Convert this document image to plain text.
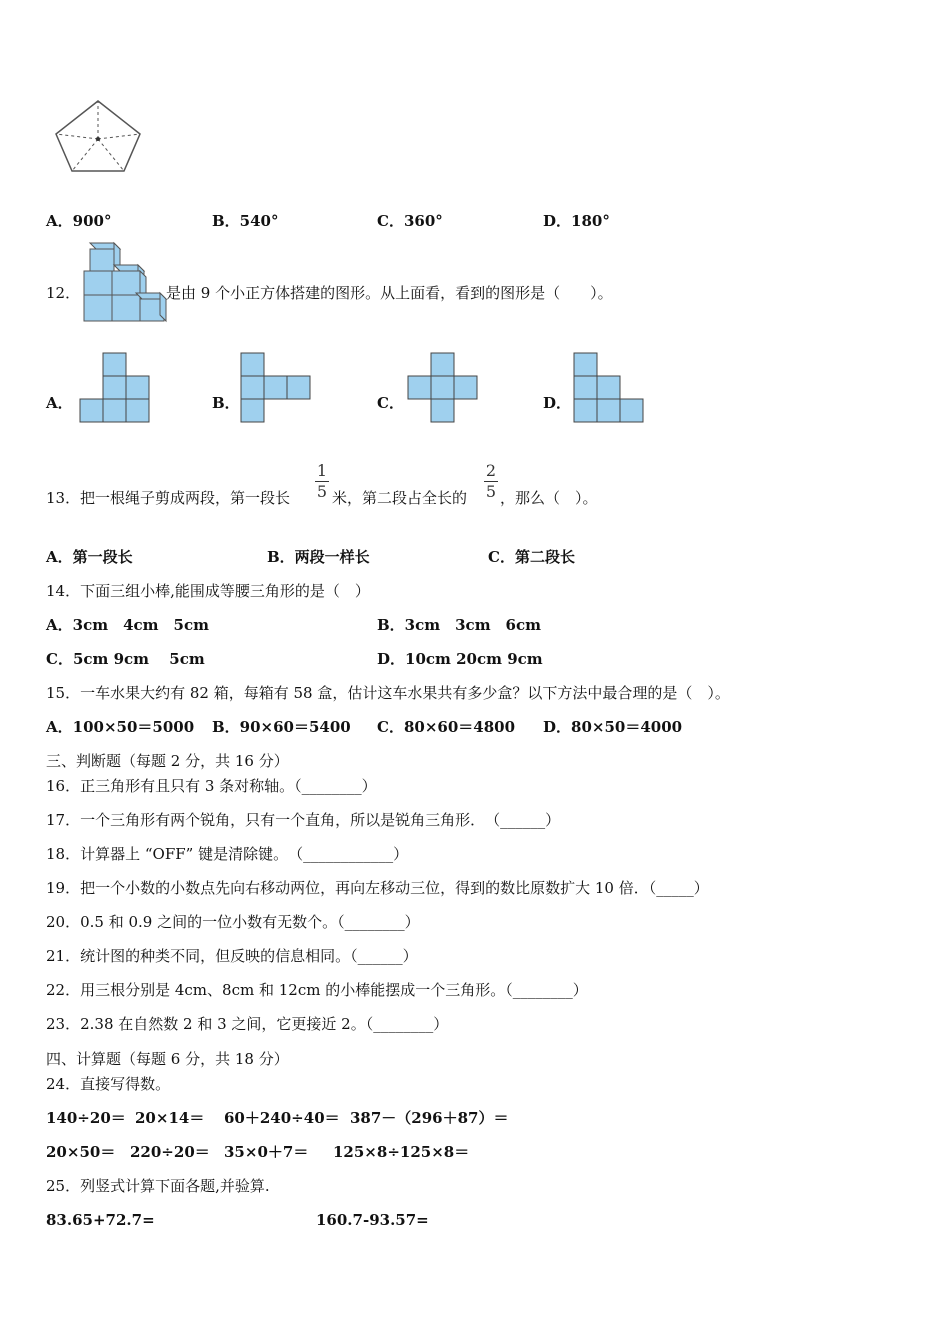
A．900°	B．540°	C．360°	D．180°
12．	是由 9 个小正方体搭建的图形。从上面看，看到的图形是（　　）。
A．	B．	C．	D．
13． 把一根绳子剪成两段，第一段长
1
5 米，第二段占全长的
2
5 ，那么（　）。
A．第一段长	B．两段一样长	C．第二段长
14．下面三组小棒,能围成等腰三角形的是（　）
A．3cm　4cm　5cm	B．3cm　3cm　6cm
C．5cm 9cm　 5cm	D．10cm 20cm 9cm
15．一车水果大约有 82 箱，每箱有 58 盒，估计这车水果共有多少盒？以下方法中最合理的是（　）。
A．100×50＝5000 B．90×60＝5400 C．80×60＝4800 D．80×50＝4000
三、判断题（每题 2 分，共 16 分）
16．正三角形有且只有 3 条对称轴。（________）
17．一个三角形有两个锐角，只有一个直角，所以是锐角三角形．　（______）
18．计算器上 “OFF” 键是清除键。　（____________）
19．把一个小数的小数点先向右移动两位，再向左移动三位，得到的数比原数扩大 10 倍．（_____）
20．0.5 和 0.9 之间的一位小数有无数个。（________）
21．统计图的种类不同，但反映的信息相同。（______）
22．用三根分别是 4cm、8cm 和 12cm 的小棒能摆成一个三角形。（________）
23．2.38 在自然数 2 和 3 之间，它更接近 2。（________）
四、计算题（每题 6 分，共 18 分）
24．直接写得数。
140÷20＝ 20×14＝ 60＋240÷40＝ 387－（296＋87）＝
20×50＝ 220÷20＝ 35×0＋7＝ 125×8÷125×8＝
25．列竖式计算下面各题,并验算.
83.65+72.7=	160.7-93.57=
